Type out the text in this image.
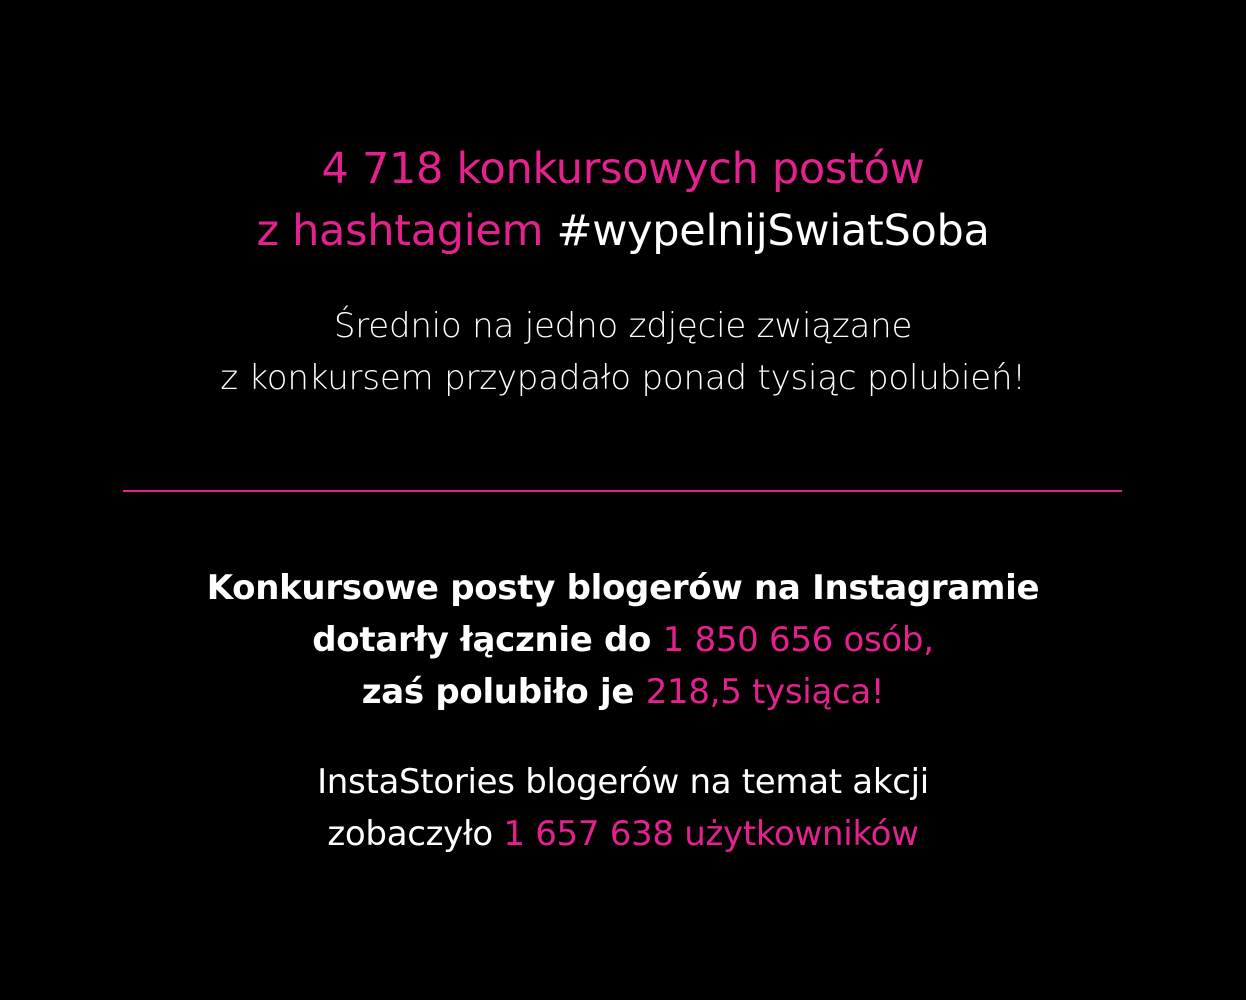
4 718 konkursowych postów
z hashtagiem #wypelnijSwiatSoba
Średnio na jedno zdjęcie związane
z konkursem przypadało ponad tysiąc polubień!
Konkursowe posty blogerów na Instagramie
dotarły łącznie do 1 850 656 osób,
zaś polubiło je 218,5 tysiąca!
InstaStories blogerów na temat akcji
zobaczyło 1 657 638 użytkowników
